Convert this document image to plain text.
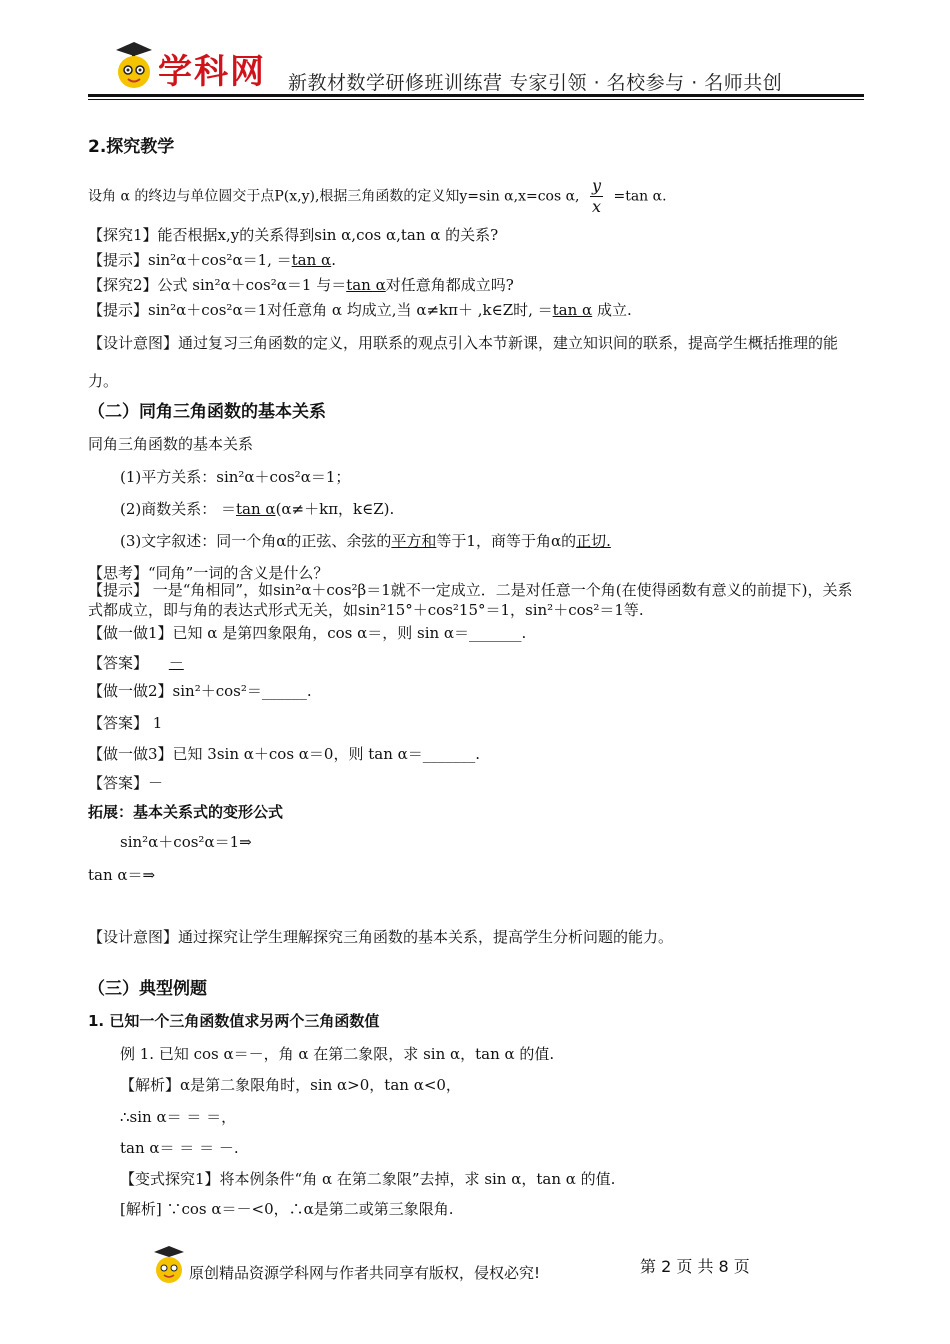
学科网 新教材数学研修班训练营 专家引领 · 名校参与 · 名师共创
2.探究教学
设角 α 的终边与单位圆交于点P(x,y),根据三角函数的定义知y=sin α,x=cos α, $\frac{y}{x} =\tan$ α.
【探究1】能否根据x,y的关系得到sin α,cos α,tan α 的关系?
【提示】sin²α＋cos²α＝1, ＝tan α.
【探究2】公式 sin²α＋cos²α＝1 与＝tan α对任意角都成立吗?
【提示】sin²α＋cos²α＝1对任意角 α 均成立,当 α≠kπ＋ ,k∈Z时, ＝tan α 成立.
【设计意图】通过复习三角函数的定义，用联系的观点引入本节新课，建立知识间的联系，提高学生概括推理的能力。
（二）同角三角函数的基本关系
同角三角函数的基本关系
(1)平方关系：sin²α＋cos²α＝1；
(2)商数关系： ＝tan α(α≠＋kπ，k∈Z).
(3)文字叙述：同一个角α的正弦、余弦的平方和等于1，商等于角α的正切.
【思考】“同角”一词的含义是什么？
【提示】 一是“角相同”，如sin²α＋cos²β＝1就不一定成立．二是对任意一个角(在使得函数有意义的前提下)，关系式都成立，即与角的表达式形式无关，如sin²15°＋cos²15°＝1，sin²＋cos²＝1等.
【做一做1】已知 α 是第四象限角，cos α＝，则 sin α＝_______.
【答案】 －
【做一做2】sin²＋cos²＝______.
【答案】 1
【做一做3】已知 3sin α＋cos α＝0，则 tan α＝_______.
【答案】－
拓展：基本关系式的变形公式
sin²α＋cos²α＝1⇒
tan α＝⇒
【设计意图】通过探究让学生理解探究三角函数的基本关系，提高学生分析问题的能力。
（三）典型例题
1. 已知一个三角函数值求另两个三角函数值
例 1. 已知 cos α＝－，角 α 在第二象限，求 sin α，tan α 的值.
【解析】α是第二象限角时，sin α>0，tan α<0，
∴sin α＝ ＝ ＝，
tan α＝ ＝ ＝ －.
【变式探究1】将本例条件“角 α 在第二象限”去掉，求 sin α，tan α 的值.
[解析] ∵cos α＝－<0，∴α是第二或第三象限角.
原创精品资源学科网与作者共同享有版权，侵权必究!	第 2 页 共 8 页
